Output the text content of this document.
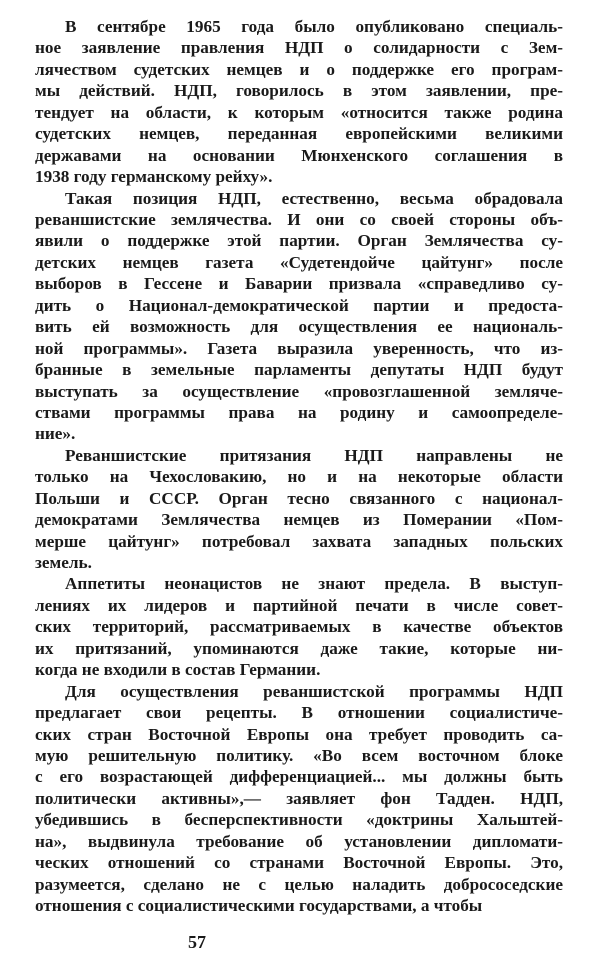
В сентябре 1965 года было опубликовано специаль-
ное заявление правления НДП о солидарности с Зем-
лячеством судетских немцев и о поддержке его програм-
мы действий. НДП, говорилось в этом заявлении, пре-
тендует на области, к которым «относится также родина
судетских немцев, переданная европейскими великими
державами на основании Мюнхенского соглашения в
1938 году германскому рейху».
Такая позиция НДП, естественно, весьма обрадовала
реваншистские землячества. И они со своей стороны объ-
явили о поддержке этой партии. Орган Землячества су-
детских немцев газета «Судетендойче цайтунг» после
выборов в Гессене и Баварии призвала «справедливо су-
дить о Национал-демократической партии и предоста-
вить ей возможность для осуществления ее националь-
ной программы». Газета выразила уверенность, что из-
бранные в земельные парламенты депутаты НДП будут
выступать за осуществление «провозглашенной земляче-
ствами программы права на родину и самоопределе-
ние».
Реваншистские притязания НДП направлены не
только на Чехословакию, но и на некоторые области
Польши и СССР. Орган тесно связанного с национал-
демократами Землячества немцев из Померании «Пом-
мерше цайтунг» потребовал захвата западных польских
земель.
Аппетиты неонацистов не знают предела. В выступ-
лениях их лидеров и партийной печати в числе совет-
ских территорий, рассматриваемых в качестве объектов
их притязаний, упоминаются даже такие, которые ни-
когда не входили в состав Германии.
Для осуществления реваншистской программы НДП
предлагает свои рецепты. В отношении социалистиче-
ских стран Восточной Европы она требует проводить са-
мую решительную политику. «Во всем восточном блоке
с его возрастающей дифференциацией... мы должны быть
политически активны»,— заявляет фон Тадден. НДП,
убедившись в бесперспективности «доктрины Хальштей-
на», выдвинула требование об установлении дипломати-
ческих отношений со странами Восточной Европы. Это,
разумеется, сделано не с целью наладить добрососедские
отношения с социалистическими государствами, а чтобы
57
